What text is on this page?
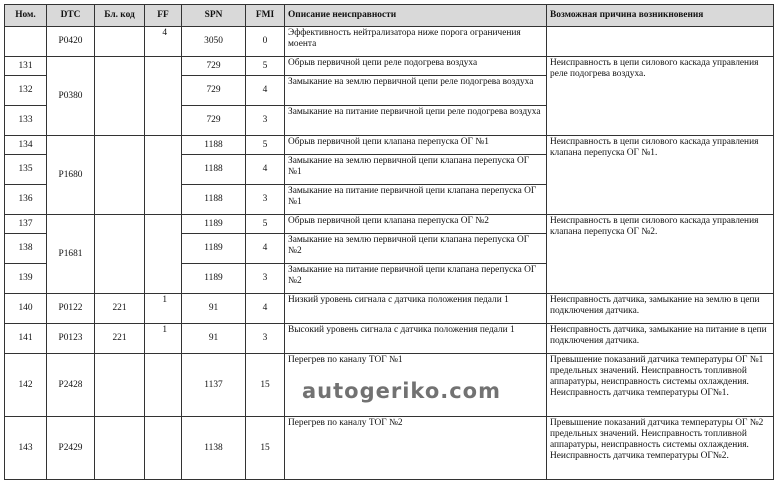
Ном.	DTC	Бл. код	FF	SPN	FMI	Описание неисправности	Возможная причина возникновения
	P0420		4	3050	0	Эффективность нейтрализатора ниже порога ограничения моента	
131	P0380			729	5	Обрыв первичной цепи реле подогрева воздуха	Неисправность в цепи силового каскада управления реле подогрева воздуха.
132				729	4	Замыкание на землю первичной цепи реле подогрева воздуха	
133				729	3	Замыкание на питание первичной цепи реле подогрева воздуха	
134	P1680			1188	5	Обрыв первичной цепи клапана перепуска ОГ №1	Неисправность в цепи силового каскада управления клапана перепуска ОГ №1.
135				1188	4	Замыкание на землю первичной цепи клапана перепуска ОГ №1	
136				1188	3	Замыкание на питание первичной цепи клапана перепуска ОГ №1	
137	P1681			1189	5	Обрыв первичной цепи клапана перепуска ОГ №2	Неисправность в цепи силового каскада управления клапана перепуска ОГ №2.
138				1189	4	Замыкание на землю первичной цепи клапана перепуска ОГ №2	
139				1189	3	Замыкание на питание первичной цепи клапана перепуска ОГ №2	
140	P0122	221	1	91	4	Низкий уровень сигнала с датчика положения педали 1	Неисправность датчика, замыкание на землю в цепи подключения датчика.
141	P0123	221	1	91	3	Высокий уровень сигнала с датчика положения педали 1	Неисправность датчика, замыкание на питание в цепи подключения датчика.
142	P2428			1137	15	Перегрев по каналу ТОГ №1	Превышение показаний датчика температуры ОГ №1 предельных значений. Неисправность топливной аппаратуры, неисправность системы охлаждения. Неисправность датчика температуры ОГ№1.
143	P2429			1138	15	Перегрев по каналу ТОГ №2	Превышение показаний датчика температуры ОГ №2 предельных значений. Неисправность топливной аппаратуры, неисправность системы охлаждения. Неисправность датчика температуры ОГ№2.
autogeriko.com
